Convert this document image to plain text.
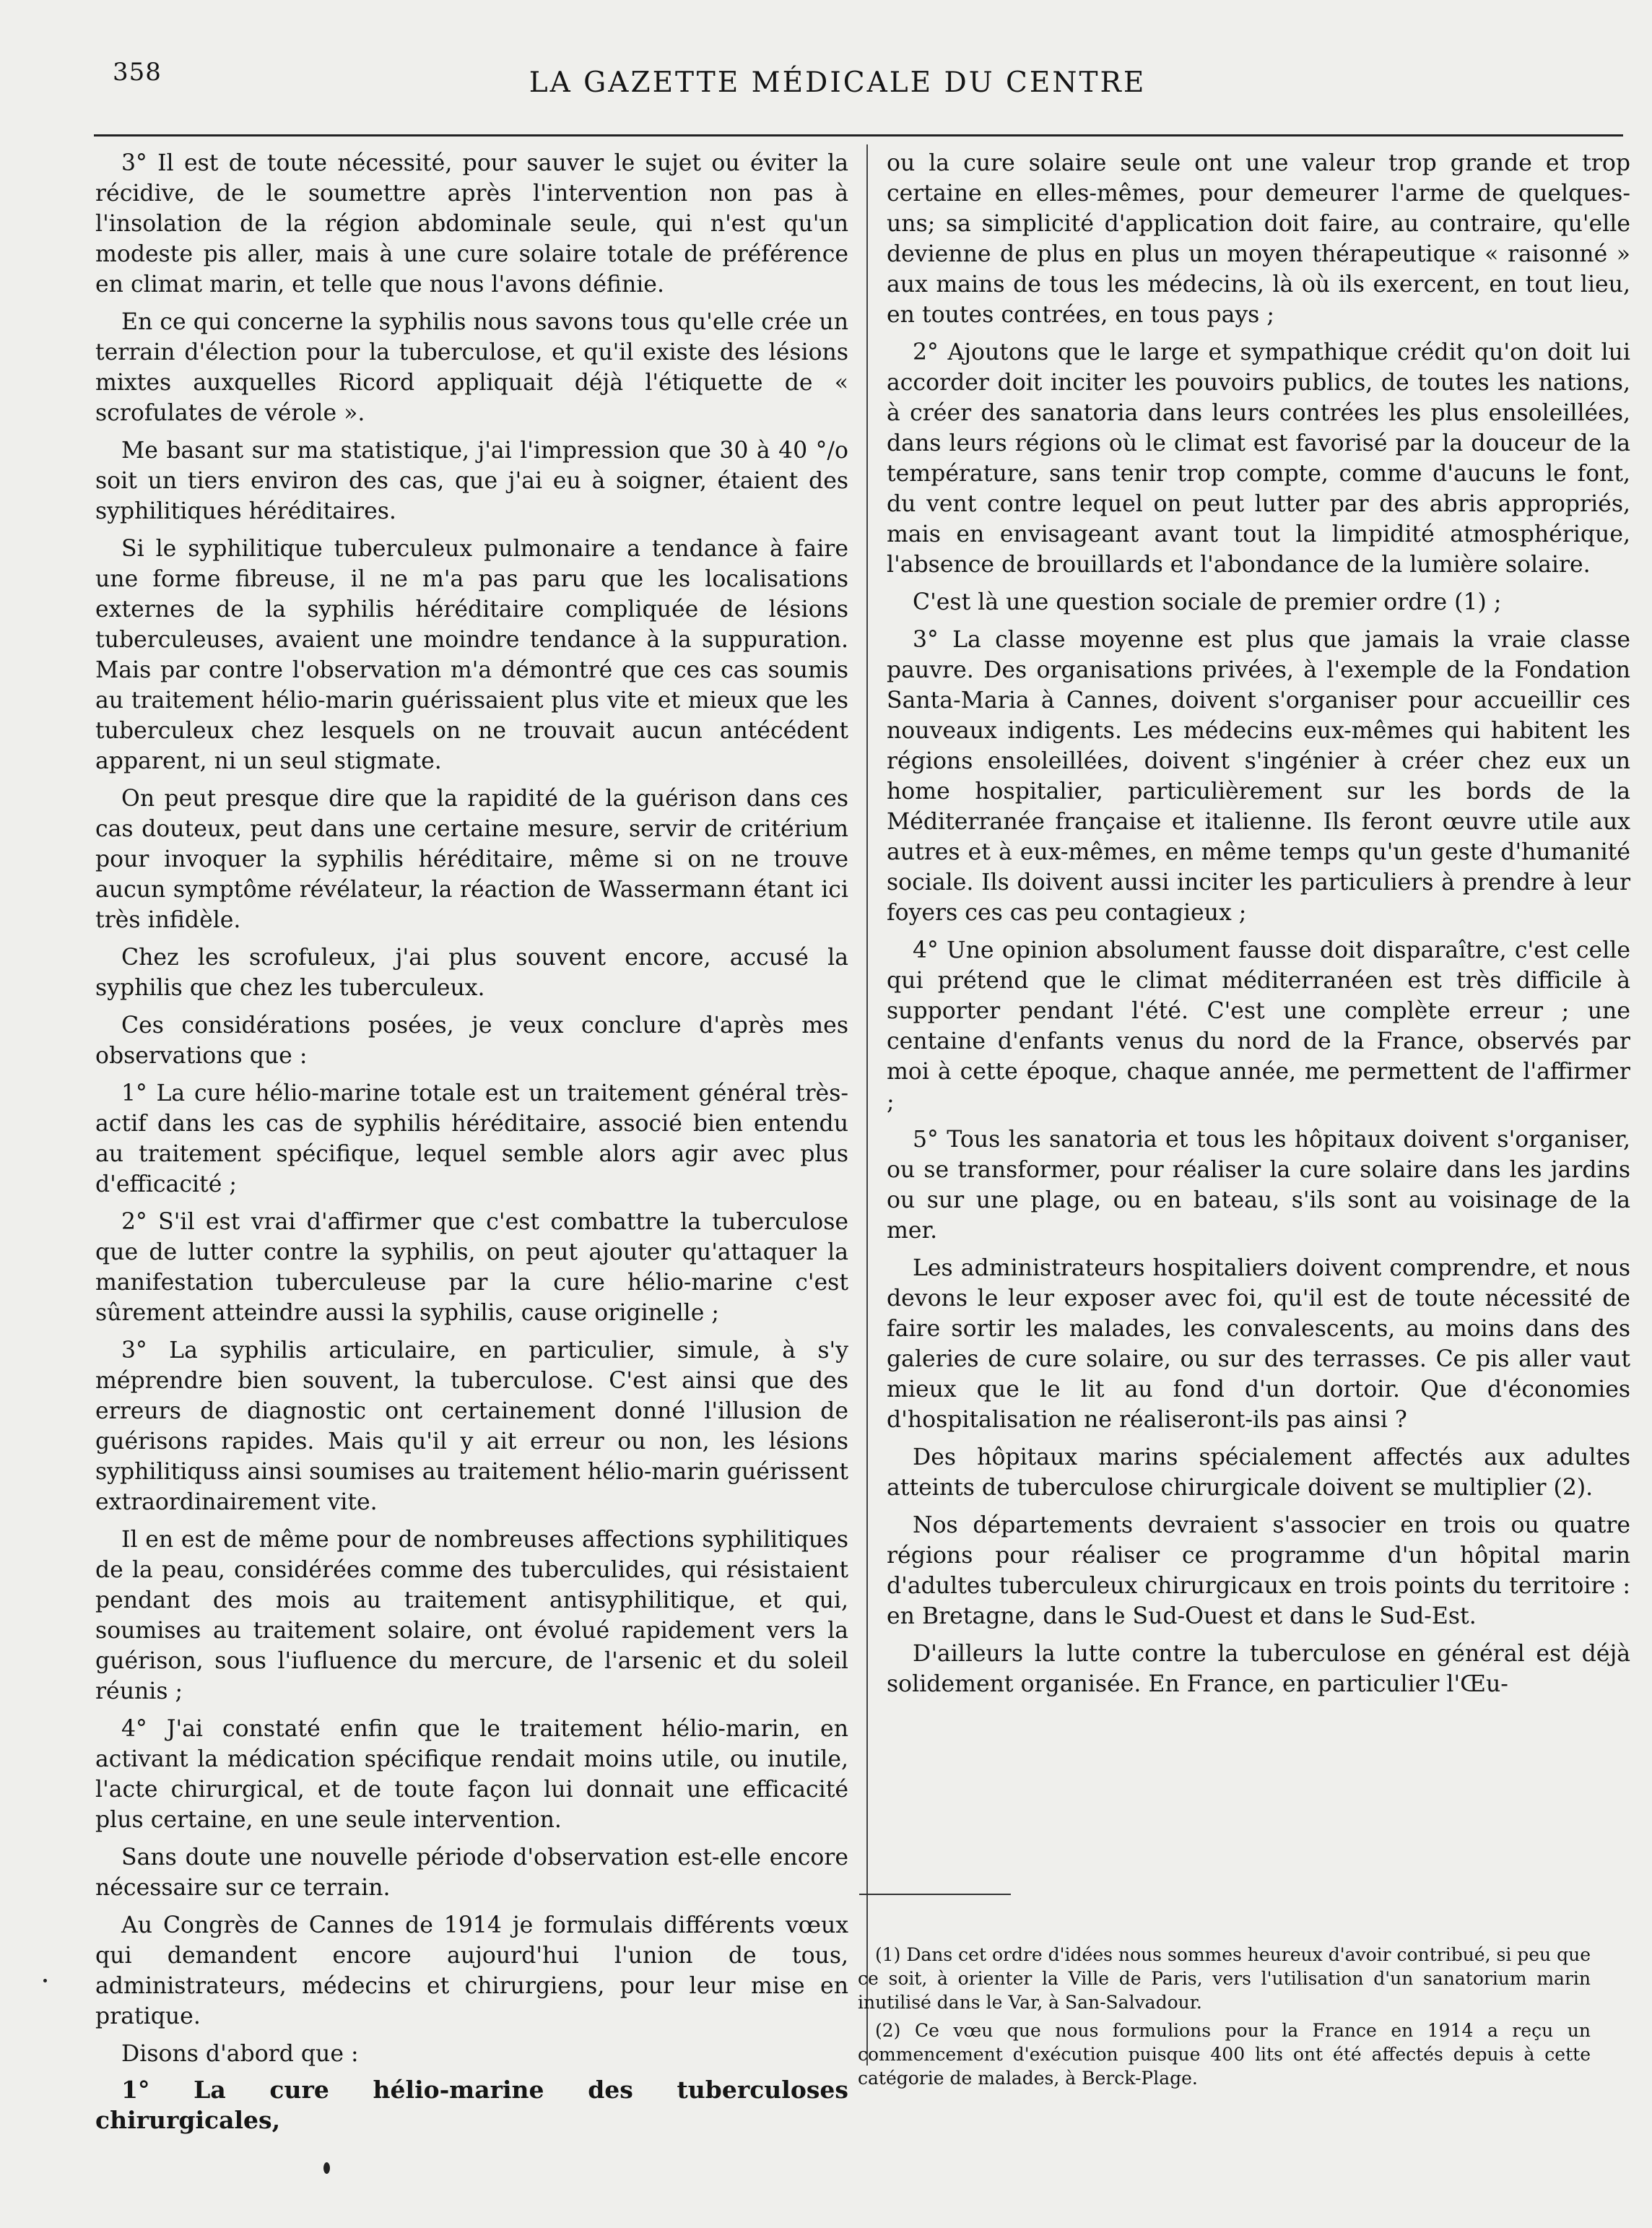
358	LA GAZETTE MÉDICALE DU CENTRE

3° Il est de toute nécessité, pour sauver le sujet ou éviter la récidive, de le soumettre après l'intervention non pas à l'insolation de la région abdominale seule, qui n'est qu'un modeste pis aller, mais à une cure solaire totale de préférence en climat marin, et telle que nous l'avons définie.

En ce qui concerne la syphilis nous savons tous qu'elle crée un terrain d'élection pour la tuberculose, et qu'il existe des lésions mixtes auxquelles Ricord appliquait déjà l'étiquette de « scrofulates de vérole ».

Me basant sur ma statistique, j'ai l'impression que 30 à 40 °/o soit un tiers environ des cas, que j'ai eu à soigner, étaient des syphilitiques héréditaires.

Si le syphilitique tuberculeux pulmonaire a tendance à faire une forme fibreuse, il ne m'a pas paru que les localisations externes de la syphilis héréditaire compliquée de lésions tuberculeuses, avaient une moindre tendance à la suppuration. Mais par contre l'observation m'a démontré que ces cas soumis au traitement hélio-marin guérissaient plus vite et mieux que les tuberculeux chez lesquels on ne trouvait aucun antécédent apparent, ni un seul stigmate.

On peut presque dire que la rapidité de la guérison dans ces cas douteux, peut dans une certaine mesure, servir de critérium pour invoquer la syphilis héréditaire, même si on ne trouve aucun symptôme révélateur, la réaction de Wassermann étant ici très infidèle.

Chez les scrofuleux, j'ai plus souvent encore, accusé la syphilis que chez les tuberculeux.

Ces considérations posées, je veux conclure d'après mes observations que :

1° La cure hélio-marine totale est un traitement général très-actif dans les cas de syphilis héréditaire, associé bien entendu au traitement spécifique, lequel semble alors agir avec plus d'efficacité ;

2° S'il est vrai d'affirmer que c'est combattre la tuberculose que de lutter contre la syphilis, on peut ajouter qu'attaquer la manifestation tuberculeuse par la cure hélio-marine c'est sûrement atteindre aussi la syphilis, cause originelle ;

3° La syphilis articulaire, en particulier, simule, à s'y méprendre bien souvent, la tuberculose. C'est ainsi que des erreurs de diagnostic ont certainement donné l'illusion de guérisons rapides. Mais qu'il y ait erreur ou non, les lésions syphilitiquss ainsi soumises au traitement hélio-marin guérissent extraordinairement vite.

Il en est de même pour de nombreuses affections syphilitiques de la peau, considérées comme des tuberculides, qui résistaient pendant des mois au traitement antisyphilitique, et qui, soumises au traitement solaire, ont évolué rapidement vers la guérison, sous l'iufluence du mercure, de l'arsenic et du soleil réunis ;

4° J'ai constaté enfin que le traitement hélio-marin, en activant la médication spécifique rendait moins utile, ou inutile, l'acte chirurgical, et de toute façon lui donnait une efficacité plus certaine, en une seule intervention.

Sans doute une nouvelle période d'observation est-elle encore nécessaire sur ce terrain.

Au Congrès de Cannes de 1914 je formulais différents vœux qui demandent encore aujourd'hui l'union de tous, administrateurs, médecins et chirurgiens, pour leur mise en pratique.

Disons d'abord que :

1° La cure hélio-marine des tuberculoses chirurgicales,

ou la cure solaire seule ont une valeur trop grande et trop certaine en elles-mêmes, pour demeurer l'arme de quelques-uns; sa simplicité d'application doit faire, au contraire, qu'elle devienne de plus en plus un moyen thérapeutique « raisonné » aux mains de tous les médecins, là où ils exercent, en tout lieu, en toutes contrées, en tous pays ;

2° Ajoutons que le large et sympathique crédit qu'on doit lui accorder doit inciter les pouvoirs publics, de toutes les nations, à créer des sanatoria dans leurs contrées les plus ensoleillées, dans leurs régions où le climat est favorisé par la douceur de la température, sans tenir trop compte, comme d'aucuns le font, du vent contre lequel on peut lutter par des abris appropriés, mais en envisageant avant tout la limpidité atmosphérique, l'absence de brouillards et l'abondance de la lumière solaire.

C'est là une question sociale de premier ordre (1) ;

3° La classe moyenne est plus que jamais la vraie classe pauvre. Des organisations privées, à l'exemple de la Fondation Santa-Maria à Cannes, doivent s'organiser pour accueillir ces nouveaux indigents. Les médecins eux-mêmes qui habitent les régions ensoleillées, doivent s'ingénier à créer chez eux un home hospitalier, particulièrement sur les bords de la Méditerranée française et italienne. Ils feront œuvre utile aux autres et à eux-mêmes, en même temps qu'un geste d'humanité sociale. Ils doivent aussi inciter les particuliers à prendre à leur foyers ces cas peu contagieux ;

4° Une opinion absolument fausse doit disparaître, c'est celle qui prétend que le climat méditerranéen est très difficile à supporter pendant l'été. C'est une complète erreur ; une centaine d'enfants venus du nord de la France, observés par moi à cette époque, chaque année, me permettent de l'affirmer ;

5° Tous les sanatoria et tous les hôpitaux doivent s'organiser, ou se transformer, pour réaliser la cure solaire dans les jardins ou sur une plage, ou en bateau, s'ils sont au voisinage de la mer.

Les administrateurs hospitaliers doivent comprendre, et nous devons le leur exposer avec foi, qu'il est de toute nécessité de faire sortir les malades, les convalescents, au moins dans des galeries de cure solaire, ou sur des terrasses. Ce pis aller vaut mieux que le lit au fond d'un dortoir. Que d'économies d'hospitalisation ne réaliseront-ils pas ainsi ?

Des hôpitaux marins spécialement affectés aux adultes atteints de tuberculose chirurgicale doivent se multiplier (2).

Nos départements devraient s'associer en trois ou quatre régions pour réaliser ce programme d'un hôpital marin d'adultes tuberculeux chirurgicaux en trois points du territoire : en Bretagne, dans le Sud-Ouest et dans le Sud-Est.

D'ailleurs la lutte contre la tuberculose en général est déjà solidement organisée. En France, en particulier l'Œu-

(1) Dans cet ordre d'idées nous sommes heureux d'avoir contribué, si peu que ce soit, à orienter la Ville de Paris, vers l'utilisation d'un sanatorium marin inutilisé dans le Var, à San-Salvadour.

(2) Ce vœu que nous formulions pour la France en 1914 a reçu un commencement d'exécution puisque 400 lits ont été affectés depuis à cette catégorie de malades, à Berck-Plage.
